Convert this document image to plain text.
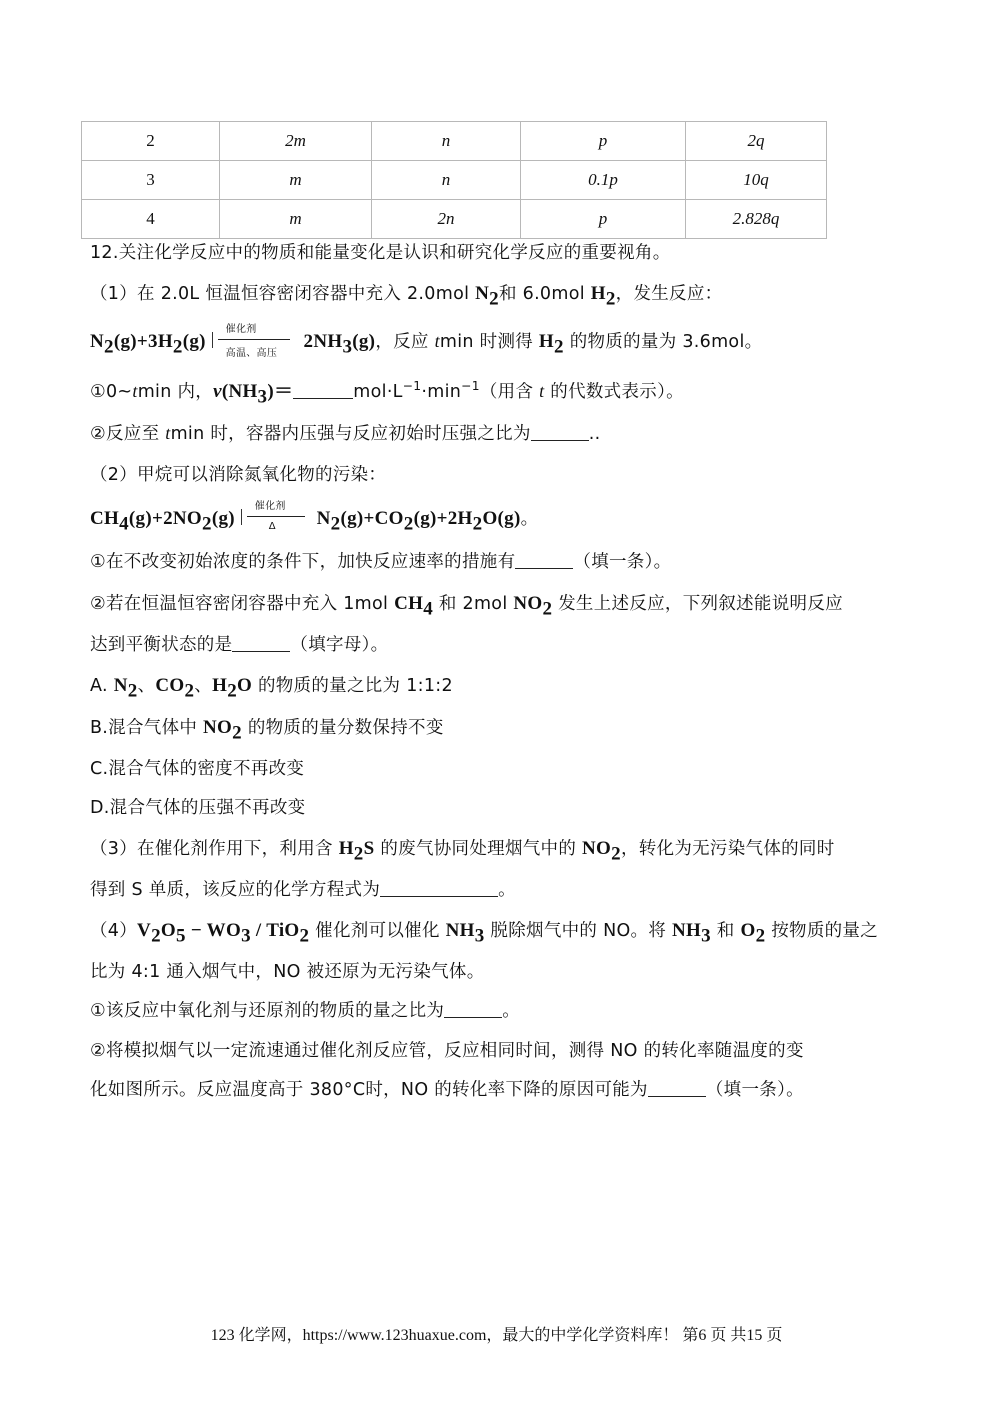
2	2m	n	p	2q
3	m	n	0.1p	10q
4	m	2n	p	2.828q
12.关注化学反应中的物质和能量变化是认识和研究化学反应的重要视角。
（1）在 2.0L 恒温恒容密闭容器中充入 2.0mol $N_2$和 6.0mol $H_2$，发生反应：
$N_2(g)+3H_2(g)$
催化剂
高温、高压
$2NH_3(g)$，反应 tmin 时测得 $H_2$ 的物质的量为 3.6mol。
①0~tmin 内，$v(NH_3)=$	$mol\cdot L^{-1}\cdot\min^{-1}$（用含 t 的代数式表示）。
②反应至 tmin 时，容器内压强与反应初始时压强之比为	..
（2）甲烷可以消除氮氧化物的污染：
$CH_4(g)+2NO_2(g)$
催化剂
Δ $N_2(g)+CO_2(g)+2H_2O(g)$。
①在不改变初始浓度的条件下，加快反应速率的措施有	（填一条）。
②若在恒温恒容密闭容器中充入 1mol $CH_4$ 和 2mol $NO_2$ 发生上述反应，下列叙述能说明反应
达到平衡状态的是	（填字母）。
A. $N_2$、$CO_2$、$H_2O$ 的物质的量之比为 1:1:2
B.混合气体中 $NO_2$ 的物质的量分数保持不变
C.混合气体的密度不再改变
D.混合气体的压强不再改变
（3）在催化剂作用下，利用含 $H_2S$ 的废气协同处理烟气中的 $NO_2$，转化为无污染气体的同时
得到 S 单质，该反应的化学方程式为	。
$(4)V_2O_5 - WO_3 / TiO_2$ 催化剂可以催化 $NH_3$ 脱除烟气中的 NO。将 $NH_3$ 和 $O_2$ 按物质的量之
比为 4:1 通入烟气中，NO 被还原为无污染气体。
①该反应中氧化剂与还原剂的物质的量之比为	。
②将模拟烟气以一定流速通过催化剂反应管，反应相同时间，测得 NO 的转化率随温度的变
化如图所示。反应温度高于 380°C时，NO 的转化率下降的原因可能为	（填一条）。
123 化学网，https://www.123huaxue.com，最大的中学化学资料库！ 第6 页 共15 页
